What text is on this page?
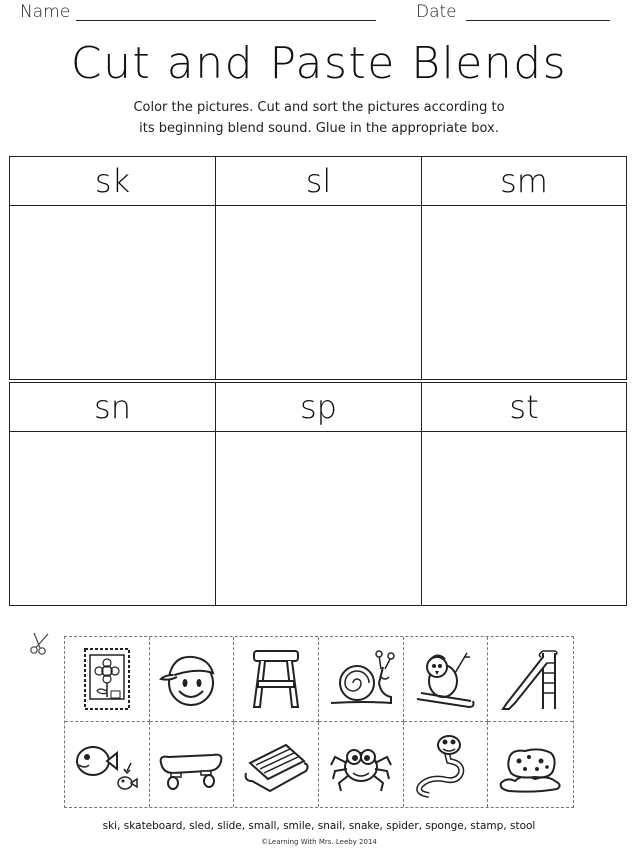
Name	Date
Cut and Paste Blends
Color the pictures. Cut and sort the pictures according to
its beginning blend sound. Glue in the appropriate box.
sk	sl	sm
sn	sp	st
ski, skateboard, sled, slide, small, smile, snail, snake, spider, sponge, stamp, stool
©Learning With Mrs. Leeby 2014
